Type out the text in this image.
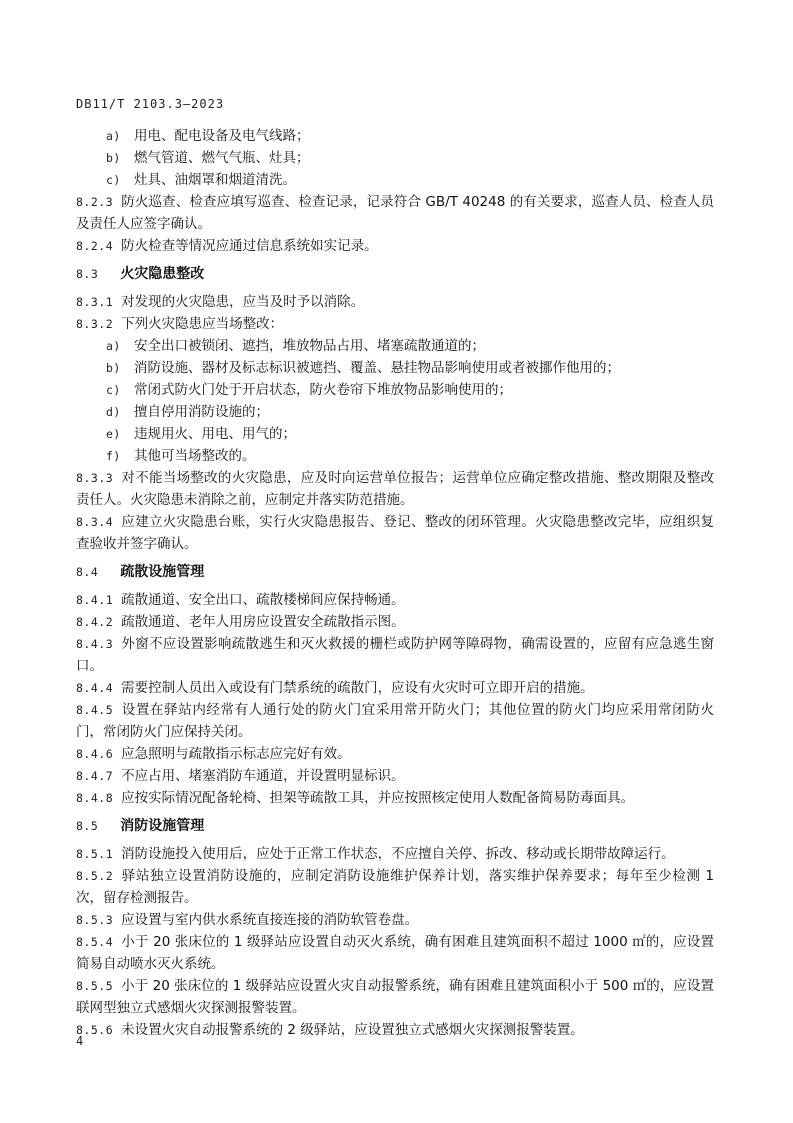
DB11/T 2103.3—2023
a) 用电、配电设备及电气线路；
b) 燃气管道、燃气气瓶、灶具；
c) 灶具、油烟罩和烟道清洗。
8.2.3 防火巡查、检查应填写巡查、检查记录，记录符合 GB/T 40248 的有关要求，巡查人员、检查人员及责任人应签字确认。
8.2.4 防火检查等情况应通过信息系统如实记录。
8.3 火灾隐患整改
8.3.1 对发现的火灾隐患，应当及时予以消除。
8.3.2 下列火灾隐患应当场整改：
a) 安全出口被锁闭、遮挡，堆放物品占用、堵塞疏散通道的；
b) 消防设施、器材及标志标识被遮挡、覆盖、悬挂物品影响使用或者被挪作他用的；
c) 常闭式防火门处于开启状态，防火卷帘下堆放物品影响使用的；
d) 擅自停用消防设施的；
e) 违规用火、用电、用气的；
f) 其他可当场整改的。
8.3.3 对不能当场整改的火灾隐患，应及时向运营单位报告；运营单位应确定整改措施、整改期限及整改责任人。火灾隐患未消除之前，应制定并落实防范措施。
8.3.4 应建立火灾隐患台账，实行火灾隐患报告、登记、整改的闭环管理。火灾隐患整改完毕，应组织复查验收并签字确认。
8.4 疏散设施管理
8.4.1 疏散通道、安全出口、疏散楼梯间应保持畅通。
8.4.2 疏散通道、老年人用房应设置安全疏散指示图。
8.4.3 外窗不应设置影响疏散逃生和灭火救援的栅栏或防护网等障碍物，确需设置的，应留有应急逃生窗口。
8.4.4 需要控制人员出入或设有门禁系统的疏散门，应设有火灾时可立即开启的措施。
8.4.5 设置在驿站内经常有人通行处的防火门宜采用常开防火门；其他位置的防火门均应采用常闭防火门，常闭防火门应保持关闭。
8.4.6 应急照明与疏散指示标志应完好有效。
8.4.7 不应占用、堵塞消防车通道，并设置明显标识。
8.4.8 应按实际情况配备轮椅、担架等疏散工具，并应按照核定使用人数配备简易防毒面具。
8.5 消防设施管理
8.5.1 消防设施投入使用后，应处于正常工作状态，不应擅自关停、拆改、移动或长期带故障运行。
8.5.2 驿站独立设置消防设施的，应制定消防设施维护保养计划，落实维护保养要求；每年至少检测 1 次，留存检测报告。
8.5.3 应设置与室内供水系统直接连接的消防软管卷盘。
8.5.4 小于 20 张床位的 1 级驿站应设置自动灭火系统，确有困难且建筑面积不超过 1000 ㎡的，应设置简易自动喷水灭火系统。
8.5.5 小于 20 张床位的 1 级驿站应设置火灾自动报警系统，确有困难且建筑面积小于 500 ㎡的，应设置联网型独立式感烟火灾探测报警装置。
8.5.6 未设置火灾自动报警系统的 2 级驿站，应设置独立式感烟火灾探测报警装置。
4
